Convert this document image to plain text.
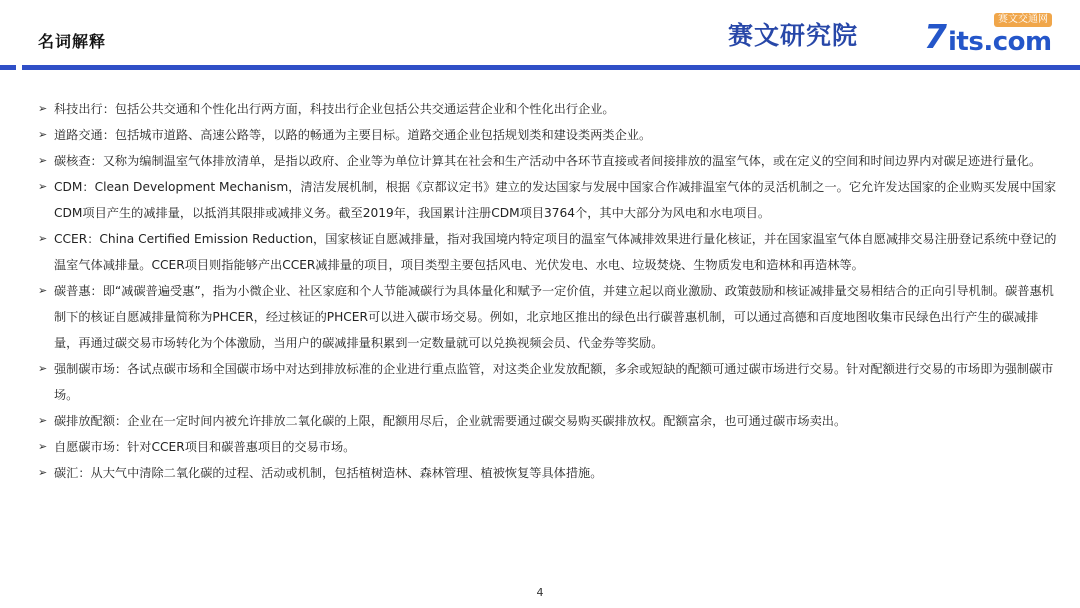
名词解释	赛文研究院 7 its.com
赛文交通网
➢ 科技出行：包括公共交通和个性化出行两方面，科技出行企业包括公共交通运营企业和个性化出行企业。
➢ 道路交通：包括城市道路、高速公路等，以路的畅通为主要目标。道路交通企业包括规划类和建设类两类企业。
➢ 碳核查：又称为编制温室气体排放清单，是指以政府、企业等为单位计算其在社会和生产活动中各环节直接或者间接排放的温室气体，或在定义的空间和时间边界内对碳足迹进行量化。
➢ CDM：Clean Development Mechanism，清洁发展机制，根据《京都议定书》建立的发达国家与发展中国家合作减排温室气体的灵活机制之一。它允许发达国家的企业购买发展中国家CDM项目产生的减排量，以抵消其限排或减排义务。截至2019年，我国累计注册CDM项目3764个，其中大部分为风电和水电项目。
➢ CCER：China Certified Emission Reduction，国家核证自愿减排量，指对我国境内特定项目的温室气体减排效果进行量化核证，并在国家温室气体自愿减排交易注册登记系统中登记的温室气体减排量。CCER项目则指能够产出CCER减排量的项目，项目类型主要包括风电、光伏发电、水电、垃圾焚烧、生物质发电和造林和再造林等。
➢ 碳普惠：即“减碳普遍受惠”，指为小微企业、社区家庭和个人节能减碳行为具体量化和赋予一定价值，并建立起以商业激励、政策鼓励和核证减排量交易相结合的正向引导机制。碳普惠机制下的核证自愿减排量简称为PHCER，经过核证的PHCER可以进入碳市场交易。例如，北京地区推出的绿色出行碳普惠机制，可以通过高德和百度地图收集市民绿色出行产生的碳减排量，再通过碳交易市场转化为个体激励，当用户的碳减排量积累到一定数量就可以兑换视频会员、代金券等奖励。
➢ 强制碳市场：各试点碳市场和全国碳市场中对达到排放标准的企业进行重点监管，对这类企业发放配额，多余或短缺的配额可通过碳市场进行交易。针对配额进行交易的市场即为强制碳市场。
➢ 碳排放配额：企业在一定时间内被允许排放二氧化碳的上限，配额用尽后，企业就需要通过碳交易购买碳排放权。配额富余，也可通过碳市场卖出。
➢ 自愿碳市场：针对CCER项目和碳普惠项目的交易市场。
➢ 碳汇：从大气中清除二氧化碳的过程、活动或机制，包括植树造林、森林管理、植被恢复等具体措施。
4
